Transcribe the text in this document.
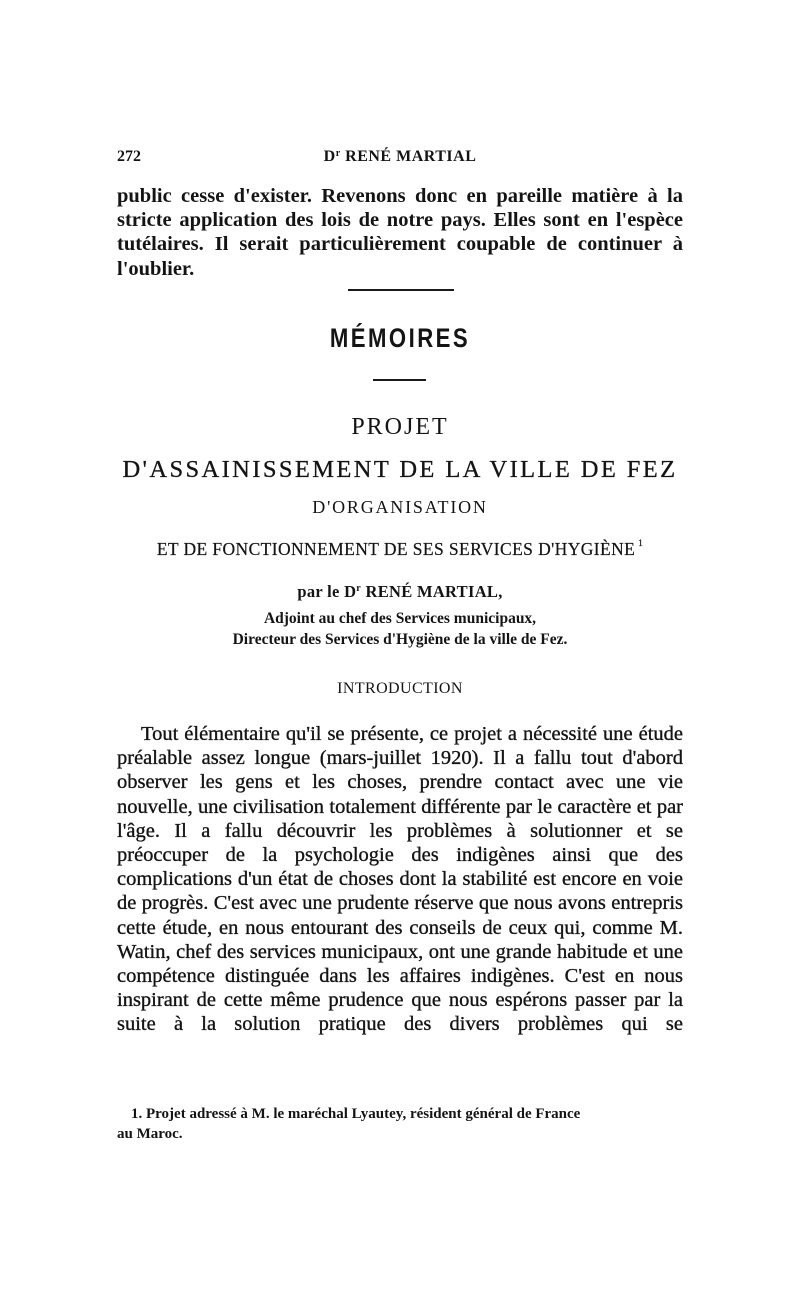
272	$D^r$ RENÉ MARTIAL

public cesse d'exister. Revenons donc en pareille matière à la stricte application des lois de notre pays. Elles sont en l'espèce tutélaires. Il serait particulièrement coupable de continuer à l'oublier.

MÉMOIRES
PROJET
D'ASSAINISSEMENT DE LA VILLE DE FEZ
D'ORGANISATION
ET DE FONCTIONNEMENT DE SES SERVICES D'HYGIÈNE $^1$
par le $D^r$ RENÉ MARTIAL,
Adjoint au chef des Services municipaux,
Directeur des Services d'Hygiène de la ville de Fez.
INTRODUCTION

Tout élémentaire qu'il se présente, ce projet a nécessité une étude préalable assez longue (mars-juillet 1920). Il a fallu tout d'abord observer les gens et les choses, prendre contact avec une vie nouvelle, une civilisation totalement différente par le caractère et par l'âge. Il a fallu découvrir les problèmes à solutionner et se préoccuper de la psychologie des indigènes ainsi que des complications d'un état de choses dont la stabilité est encore en voie de progrès. C'est avec une prudente réserve que nous avons entrepris cette étude, en nous entourant des conseils de ceux qui, comme M. Watin, chef des services municipaux, ont une grande habitude et une compétence distinguée dans les affaires indigènes. C'est en nous inspirant de cette même prudence que nous espérons passer par la suite à la solution pratique des divers problèmes qui se

1. Projet adressé à M. le maréchal Lyautey, résident général de France
au Maroc.
